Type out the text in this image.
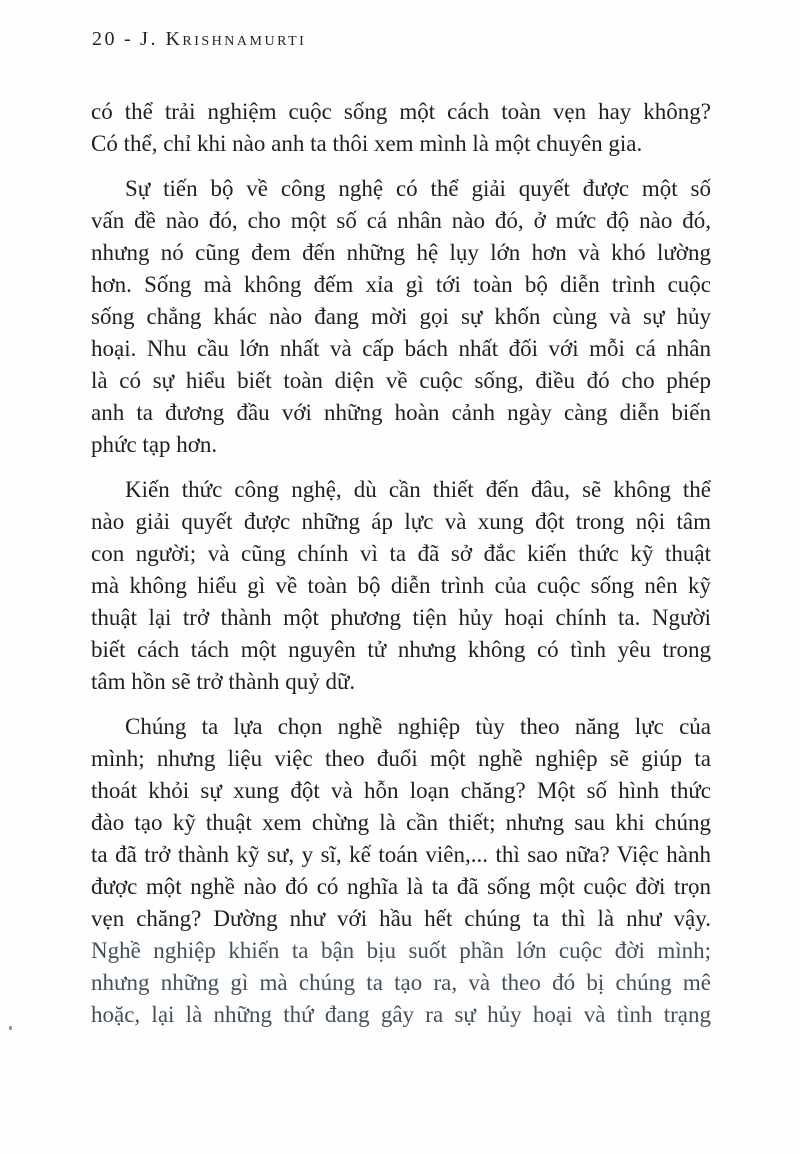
20 - J. Krishnamurti
có thể trải nghiệm cuộc sống một cách toàn vẹn hay không?
Có thể, chỉ khi nào anh ta thôi xem mình là một chuyên gia.
Sự tiến bộ về công nghệ có thể giải quyết được một số
vấn đề nào đó, cho một số cá nhân nào đó, ở mức độ nào đó,
nhưng nó cũng đem đến những hệ lụy lớn hơn và khó lường
hơn. Sống mà không đếm xỉa gì tới toàn bộ diễn trình cuộc
sống chẳng khác nào đang mời gọi sự khốn cùng và sự hủy
hoại. Nhu cầu lớn nhất và cấp bách nhất đối với mỗi cá nhân
là có sự hiểu biết toàn diện về cuộc sống, điều đó cho phép
anh ta đương đầu với những hoàn cảnh ngày càng diễn biến
phức tạp hơn.
Kiến thức công nghệ, dù cần thiết đến đâu, sẽ không thể
nào giải quyết được những áp lực và xung đột trong nội tâm
con người; và cũng chính vì ta đã sở đắc kiến thức kỹ thuật
mà không hiểu gì về toàn bộ diễn trình của cuộc sống nên kỹ
thuật lại trở thành một phương tiện hủy hoại chính ta. Người
biết cách tách một nguyên tử nhưng không có tình yêu trong
tâm hồn sẽ trở thành quỷ dữ.
Chúng ta lựa chọn nghề nghiệp tùy theo năng lực của
mình; nhưng liệu việc theo đuổi một nghề nghiệp sẽ giúp ta
thoát khỏi sự xung đột và hỗn loạn chăng? Một số hình thức
đào tạo kỹ thuật xem chừng là cần thiết; nhưng sau khi chúng
ta đã trở thành kỹ sư, y sĩ, kế toán viên,... thì sao nữa? Việc hành
được một nghề nào đó có nghĩa là ta đã sống một cuộc đời trọn
vẹn chăng? Dường như với hầu hết chúng ta thì là như vậy.
Nghề nghiệp khiến ta bận bịu suốt phần lớn cuộc đời mình;
nhưng những gì mà chúng ta tạo ra, và theo đó bị chúng mê
hoặc, lại là những thứ đang gây ra sự hủy hoại và tình trạng
